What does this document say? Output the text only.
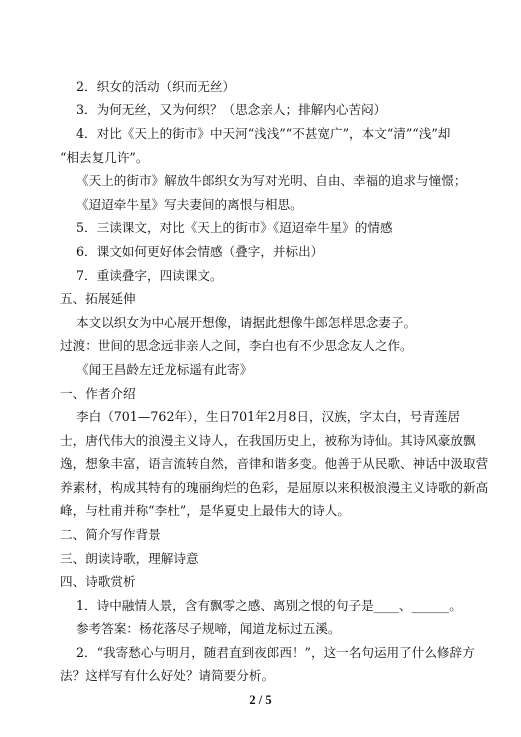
2．织女的活动（织而无丝）
3．为何无丝，又为何织？（思念亲人；排解内心苦闷）
4．对比《天上的街市》中天河“浅浅”“不甚宽广”，本文“清”“浅”却
“相去复几许”。
《天上的街市》解放牛郎织女为写对光明、自由、幸福的追求与憧憬；
《迢迢牵牛星》写夫妻间的离恨与相思。
5．三读课文，对比《天上的街市》《迢迢牵牛星》的情感
6．课文如何更好体会情感（叠字，并标出）
7．重读叠字，四读课文。
五、拓展延伸
本文以织女为中心展开想像，请据此想像牛郎怎样思念妻子。
过渡：世间的思念远非亲人之间，李白也有不少思念友人之作。
《闻王昌龄左迁龙标遥有此寄》
一、作者介绍
李白（701—762年），生日701年2月8日，汉族，字太白，号青莲居
士，唐代伟大的浪漫主义诗人，在我国历史上，被称为诗仙。其诗风豪放飘
逸，想象丰富，语言流转自然，音律和谐多变。他善于从民歌、神话中汲取营
养素材，构成其特有的瑰丽绚烂的色彩，是屈原以来积极浪漫主义诗歌的新高
峰，与杜甫并称“李杜”，是华夏史上最伟大的诗人。
二、简介写作背景
三、朗读诗歌，理解诗意
四、诗歌赏析
1．诗中融情人景，含有飘零之感、离别之恨的句子是____、______。
参考答案：杨花落尽子规啼，闻道龙标过五溪。
2．“我寄愁心与明月，随君直到夜郎西！”，这一名句运用了什么修辞方
法？这样写有什么好处？请简要分析。
2 / 5
